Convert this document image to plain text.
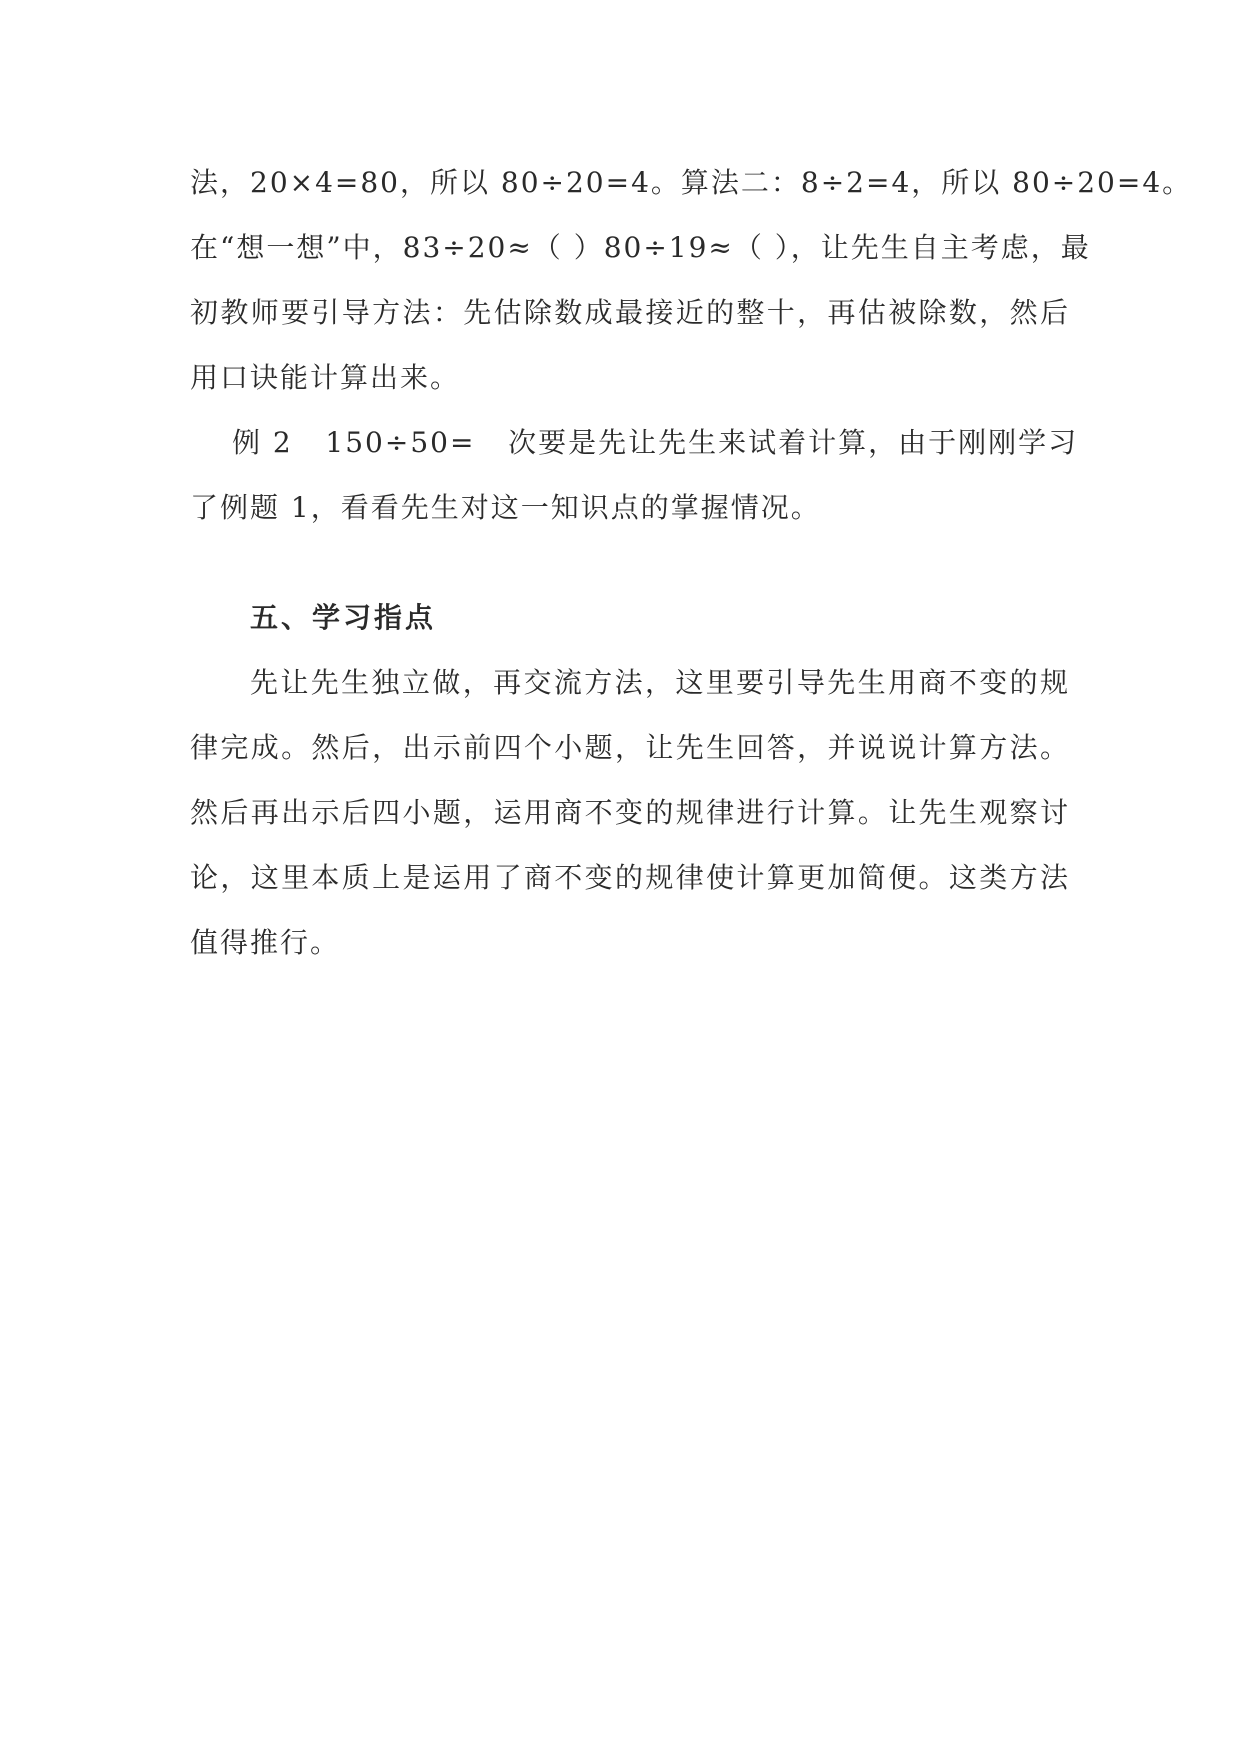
法，20×4=80，所以 80÷20=4。算法二：8÷2=4，所以 80÷20=4。
在“想一想”中，83÷20≈（ ）80÷19≈（ ），让先生自主考虑，最
初教师要引导方法：先估除数成最接近的整十，再估被除数，然后
用口诀能计算出来。
例 2   150÷50=   次要是先让先生来试着计算，由于刚刚学习
了例题 1，看看先生对这一知识点的掌握情况。
五、学习指点
先让先生独立做，再交流方法，这里要引导先生用商不变的规
律完成。然后，出示前四个小题，让先生回答，并说说计算方法。
然后再出示后四小题，运用商不变的规律进行计算。让先生观察讨
论，这里本质上是运用了商不变的规律使计算更加简便。这类方法
值得推行。
